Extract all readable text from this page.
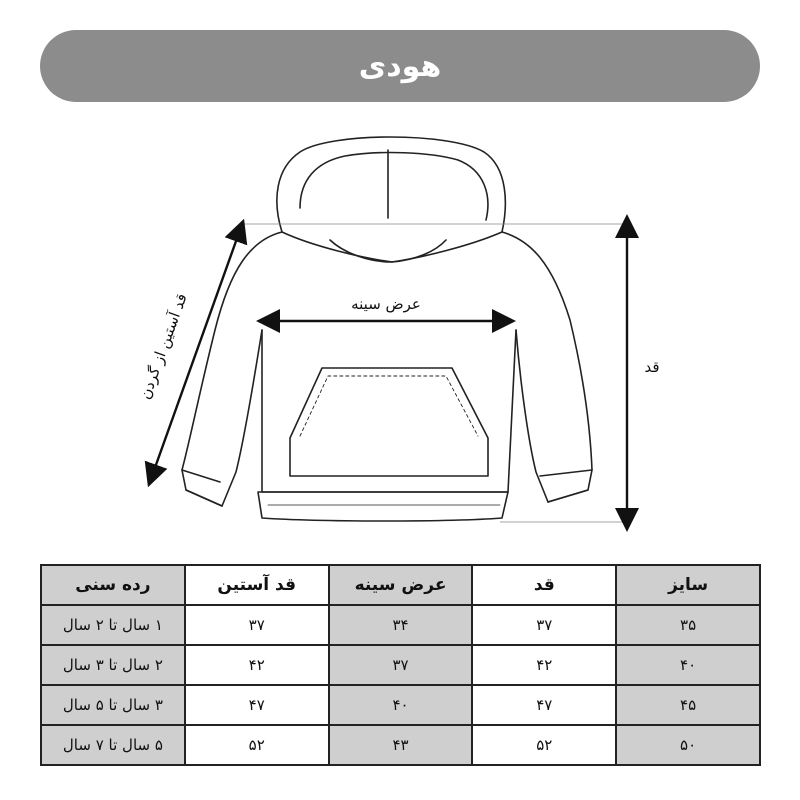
هودی
عرض سینه
قد
قد آستین از گردن
سایز	قد	عرض سینه	قد آستین	رده سنی
۳۵	۳۷	۳۴	۳۷	۱ سال تا ۲ سال
۴۰	۴۲	۳۷	۴۲	۲ سال تا ۳ سال
۴۵	۴۷	۴۰	۴۷	۳ سال تا ۵ سال
۵۰	۵۲	۴۳	۵۲	۵ سال تا ۷ سال
